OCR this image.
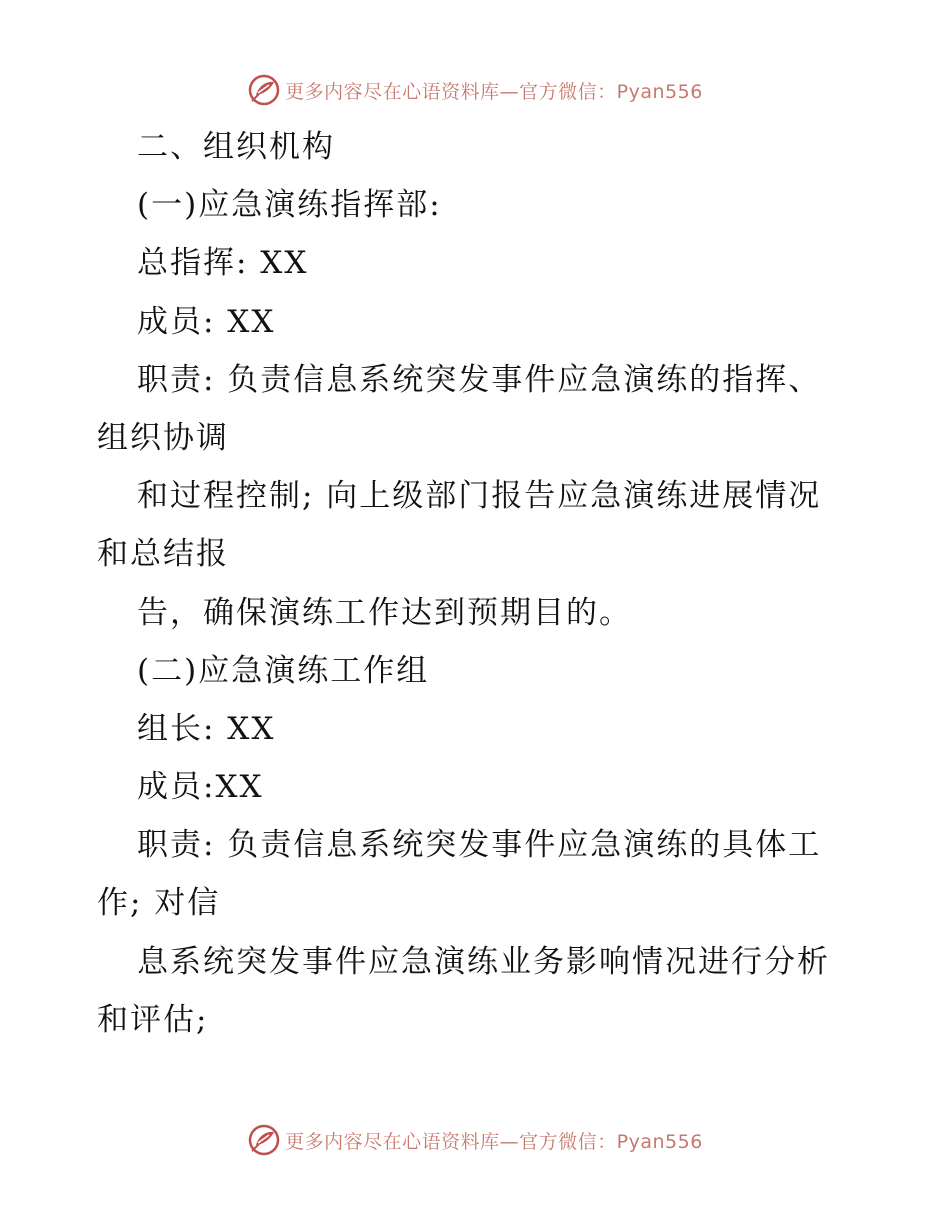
更多内容尽在心语资料库—官方微信：Pyan556
二、组织机构
(一)应急演练指挥部:
总指挥: XX
成员: XX
职责: 负责信息系统突发事件应急演练的指挥、
组织协调
和过程控制; 向上级部门报告应急演练进展情况
和总结报
告，确保演练工作达到预期目的。
(二)应急演练工作组
组长: XX
成员:XX
职责: 负责信息系统突发事件应急演练的具体工
作; 对信
息系统突发事件应急演练业务影响情况进行分析
和评估;
更多内容尽在心语资料库—官方微信：Pyan556
